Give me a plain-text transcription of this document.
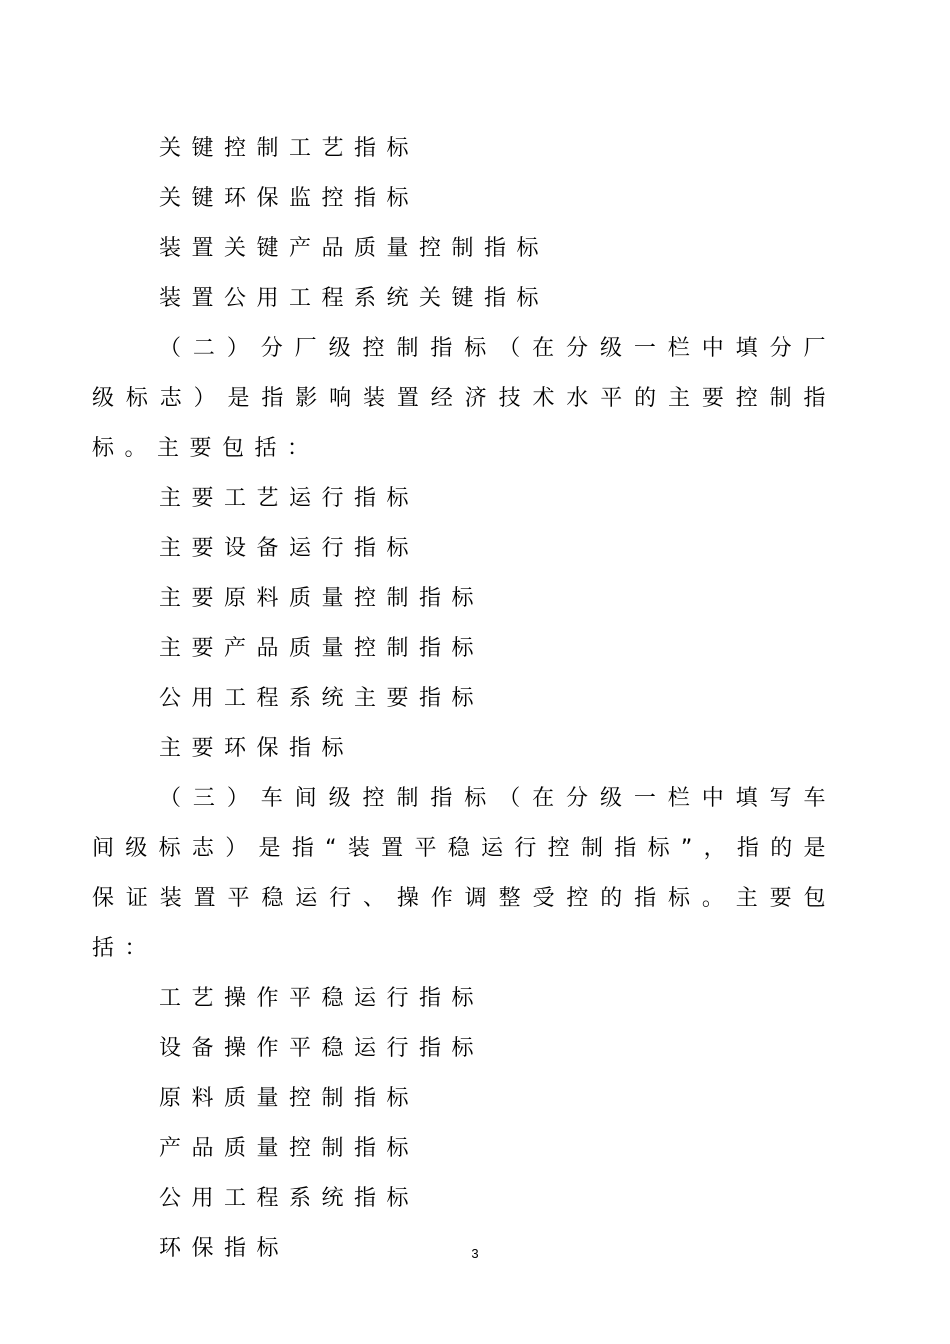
关键控制工艺指标
关键环保监控指标
装置关键产品质量控制指标
装置公用工程系统关键指标

（二）分厂级控制指标（在分级一栏中填分厂级标志）是指影响装置经济技术水平的主要控制指标。主要包括：

主要工艺运行指标
主要设备运行指标
主要原料质量控制指标
主要产品质量控制指标
公用工程系统主要指标
主要环保指标

（三）车间级控制指标（在分级一栏中填写车间级标志）是指“装置平稳运行控制指标”，指的是保证装置平稳运行、操作调整受控的指标。主要包括：

工艺操作平稳运行指标
设备操作平稳运行指标
原料质量控制指标
产品质量控制指标
公用工程系统指标
环保指标	3
